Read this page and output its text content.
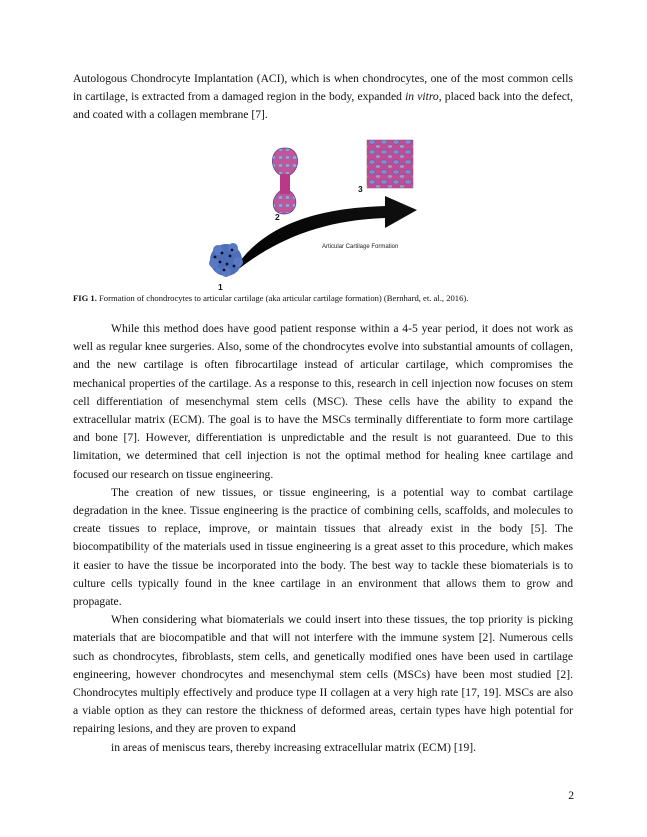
Autologous Chondrocyte Implantation (ACI), which is when chondrocytes, one of the most common cells in cartilage, is extracted from a damaged region in the body, expanded in vitro, placed back into the defect, and coated with a collagen membrane [7].

1
2
3
Articular Cartilage Formation
FIG 1. Formation of chondrocytes to articular cartilage (aka articular cartilage formation) (Bernhard, et. al., 2016).

While this method does have good patient response within a 4-5 year period, it does not work as well as regular knee surgeries. Also, some of the chondrocytes evolve into substantial amounts of collagen, and the new cartilage is often fibrocartilage instead of articular cartilage, which compromises the mechanical properties of the cartilage. As a response to this, research in cell injection now focuses on stem cell differentiation of mesenchymal stem cells (MSC). These cells have the ability to expand the extracellular matrix (ECM). The goal is to have the MSCs terminally differentiate to form more cartilage and bone [7]. However, differentiation is unpredictable and the result is not guaranteed. Due to this limitation, we determined that cell injection is not the optimal method for healing knee cartilage and focused our research on tissue engineering.

The creation of new tissues, or tissue engineering, is a potential way to combat cartilage degradation in the knee. Tissue engineering is the practice of combining cells, scaffolds, and molecules to create tissues to replace, improve, or maintain tissues that already exist in the body [5]. The biocompatibility of the materials used in tissue engineering is a great asset to this procedure, which makes it easier to have the tissue be incorporated into the body. The best way to tackle these biomaterials is to culture cells typically found in the knee cartilage in an environment that allows them to grow and propagate.

When considering what biomaterials we could insert into these tissues, the top priority is picking materials that are biocompatible and that will not interfere with the immune system [2]. Numerous cells such as chondrocytes, fibroblasts, stem cells, and genetically modified ones have been used in cartilage engineering, however chondrocytes and mesenchymal stem cells (MSCs) have been most studied [2]. Chondrocytes multiply effectively and produce type II collagen at a very high rate [17, 19]. MSCs are also a viable option as they can restore the thickness of deformed areas, certain types have high potential for repairing lesions, and they are proven to expand

in areas of meniscus tears, thereby increasing extracellular matrix (ECM) [19].
2
